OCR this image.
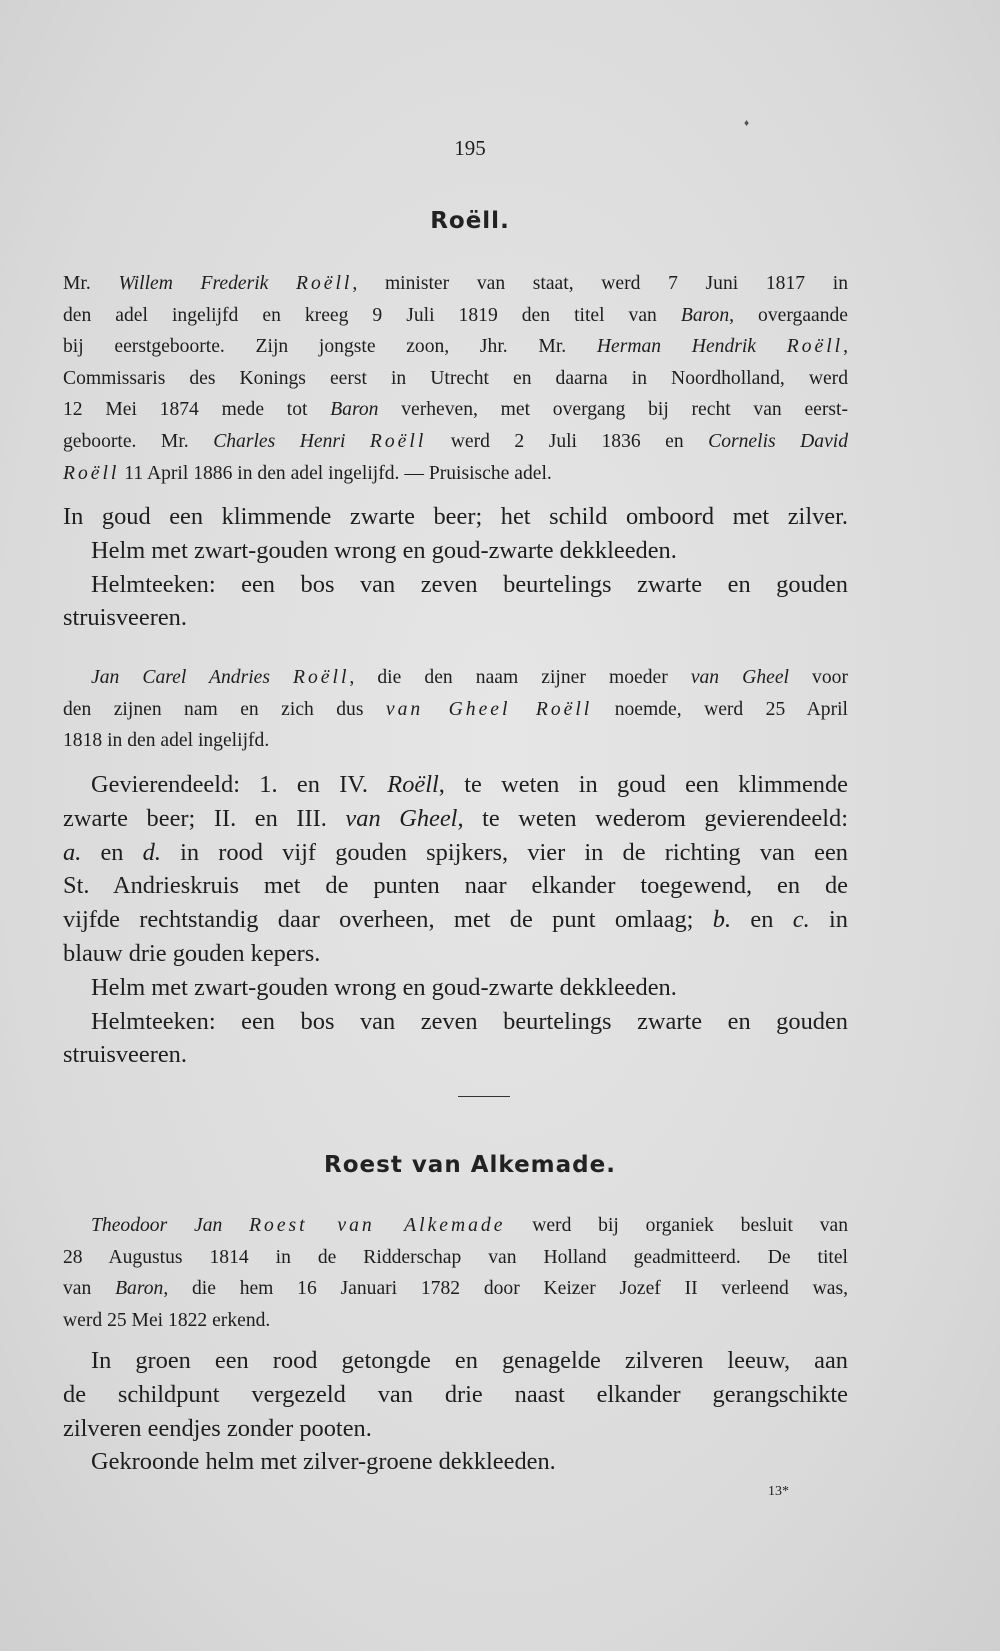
♦
195
Roëll.
Mr. Willem Frederik Roëll, minister van staat, werd 7 Juni 1817 in
den adel ingelijfd en kreeg 9 Juli 1819 den titel van Baron, overgaande
bij eerstgeboorte. Zijn jongste zoon, Jhr. Mr. Herman Hendrik Roëll,
Commissaris des Konings eerst in Utrecht en daarna in Noordholland, werd
12 Mei 1874 mede tot Baron verheven, met overgang bij recht van eerst-
geboorte. Mr. Charles Henri Roëll werd 2 Juli 1836 en Cornelis David
Roëll 11 April 1886 in den adel ingelijfd. — Pruisische adel.
In goud een klimmende zwarte beer; het schild omboord met zilver.
Helm met zwart-gouden wrong en goud-zwarte dekkleeden.
Helmteeken: een bos van zeven beurtelings zwarte en gouden
struisveeren.
Jan Carel Andries Roëll, die den naam zijner moeder van Gheel voor
den zijnen nam en zich dus van Gheel Roëll noemde, werd 25 April
1818 in den adel ingelijfd.
Gevierendeeld: 1. en IV. Roëll, te weten in goud een klimmende
zwarte beer; II. en III. van Gheel, te weten wederom gevierendeeld:
a. en d. in rood vijf gouden spijkers, vier in de richting van een
St. Andrieskruis met de punten naar elkander toegewend, en de
vijfde rechtstandig daar overheen, met de punt omlaag; b. en c. in
blauw drie gouden kepers.
Helm met zwart-gouden wrong en goud-zwarte dekkleeden.
Helmteeken: een bos van zeven beurtelings zwarte en gouden
struisveeren.
Roest van Alkemade.
Theodoor Jan Roest van Alkemade werd bij organiek besluit van
28 Augustus 1814 in de Ridderschap van Holland geadmitteerd. De titel
van Baron, die hem 16 Januari 1782 door Keizer Jozef II verleend was,
werd 25 Mei 1822 erkend.
In groen een rood getongde en genagelde zilveren leeuw, aan
de schildpunt vergezeld van drie naast elkander gerangschikte
zilveren eendjes zonder pooten.
Gekroonde helm met zilver-groene dekkleeden.
13*
